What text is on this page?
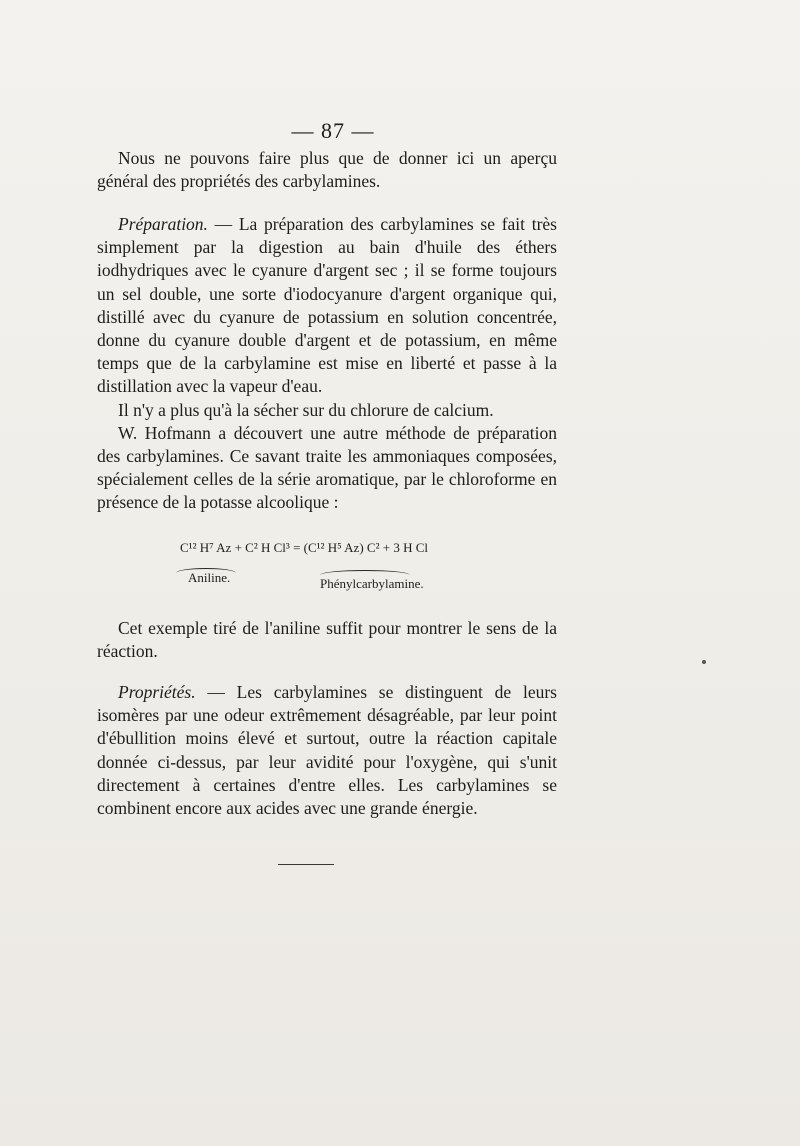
— 87 —
Nous ne pouvons faire plus que de donner ici un aperçu général des propriétés des carbylamines.
Préparation. — La préparation des carbylamines se fait très simplement par la digestion au bain d'huile des éthers iodhydriques avec le cyanure d'argent sec ; il se forme toujours un sel double, une sorte d'iodocyanure d'argent organique qui, distillé avec du cyanure de potassium en solution concentrée, donne du cyanure double d'argent et de potassium, en même temps que de la carbylamine est mise en liberté et passe à la distillation avec la vapeur d'eau.
Il n'y a plus qu'à la sécher sur du chlorure de calcium.
W. Hofmann a découvert une autre méthode de préparation des carbylamines. Ce savant traite les ammoniaques composées, spécialement celles de la série aromatique, par le chloroforme en présence de la potasse alcoolique :
C¹² H⁷ Az + C² H Cl³ = (C¹² H⁵ Az) C² + 3 H Cl
Aniline.	Phénylcarbylamine.
Cet exemple tiré de l'aniline suffit pour montrer le sens de la réaction.
Propriétés. — Les carbylamines se distinguent de leurs isomères par une odeur extrêmement désagréable, par leur point d'ébullition moins élevé et surtout, outre la réaction capitale donnée ci-dessus, par leur avidité pour l'oxygène, qui s'unit directement à certaines d'entre elles. Les carbylamines se combinent encore aux acides avec une grande énergie.
